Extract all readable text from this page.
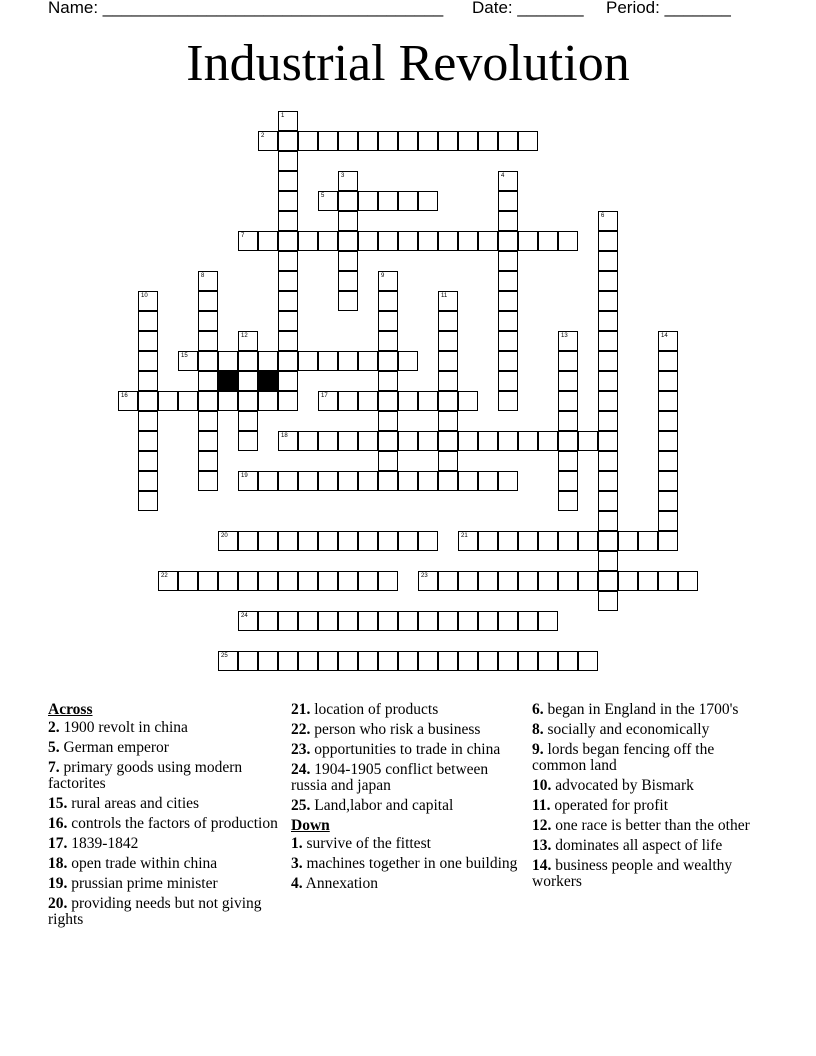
Name: ____________________________________ Date: _______ Period: _______
Industrial Revolution
1
2
3	4
5
6
7
8	9
10	11
12	13	14
15
16	17
18
19
20	21
22	23
24
25
Across
2. 1900 revolt in china
5. German emperor
7. primary goods using modern factorites
15. rural areas and cities
16. controls the factors of production
17. 1839-1842
18. open trade within china
19. prussian prime minister
20. providing needs but not giving rights
21. location of products
22. person who risk a business
23. opportunities to trade in china
24. 1904-1905 conflict between russia and japan
25. Land,labor and capital
Down
1. survive of the fittest
3. machines together in one building
4. Annexation
6. began in England in the 1700's
8. socially and economically
9. lords began fencing off the common land
10. advocated by Bismark
11. operated for profit
12. one race is better than the other
13. dominates all aspect of life
14. business people and wealthy workers
